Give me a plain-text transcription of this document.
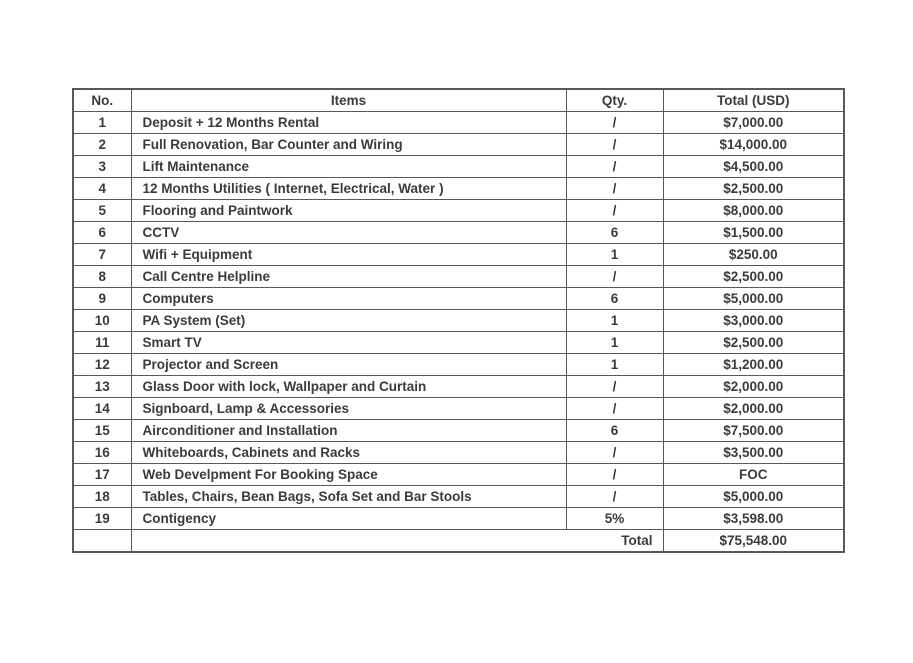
No.	Items	Qty.	Total (USD)
1	Deposit + 12 Months Rental	/	$7,000.00
2	Full Renovation, Bar Counter and Wiring	/	$14,000.00
3	Lift Maintenance	/	$4,500.00
4	12 Months Utilities ( Internet, Electrical, Water )	/	$2,500.00
5	Flooring and Paintwork	/	$8,000.00
6	CCTV	6	$1,500.00
7	Wifi + Equipment	1	$250.00
8	Call Centre Helpline	/	$2,500.00
9	Computers	6	$5,000.00
10	PA System (Set)	1	$3,000.00
11	Smart TV	1	$2,500.00
12	Projector and Screen	1	$1,200.00
13	Glass Door with lock, Wallpaper and Curtain	/	$2,000.00
14	Signboard, Lamp & Accessories	/	$2,000.00
15	Airconditioner and Installation	6	$7,500.00
16	Whiteboards, Cabinets and Racks	/	$3,500.00
17	Web Develpment For Booking Space	/	FOC
18	Tables, Chairs, Bean Bags, Sofa Set and Bar Stools	/	$5,000.00
19	Contigency	5%	$3,598.00
	Total		$75,548.00
